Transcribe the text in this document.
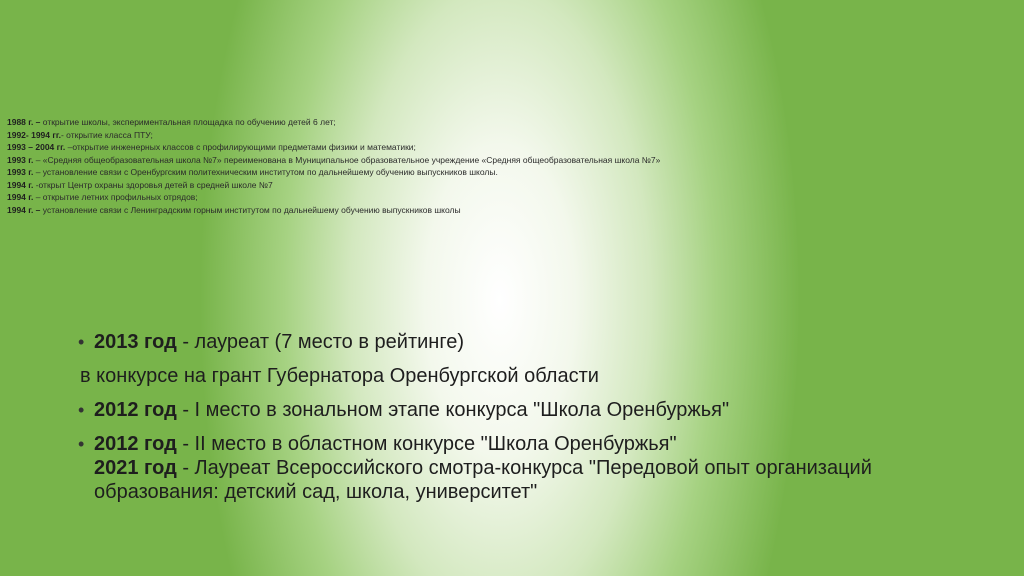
1988 г. – открытие школы, экспериментальная площадка по обучению детей 6 лет;
1992- 1994 гг.- открытие класса ПТУ;
1993 – 2004 гг. –открытие инженерных классов с профилирующими предметами физики и математики;
1993 г. – «Средняя общеобразовательная школа №7» переименована в Муниципальное образовательное учреждение «Средняя общеобразовательная школа №7»
1993 г. – установление связи с Оренбургским политехническим институтом по дальнейшему обучению выпускников школы.
1994 г. -открыт Центр охраны здоровья детей в средней школе №7
1994 г. – открытие летних профильных отрядов;
1994 г. – установление связи с Ленинградским горным институтом по дальнейшему обучению выпускников школы
• 2013 год - лауреат (7 место в рейтинге)
в конкурсе на грант Губернатора Оренбургской области
• 2012 год - I место в зональном этапе конкурса "Школа Оренбуржья"
• 2012 год - II место в областном конкурсе "Школа Оренбуржья"
2021 год - Лауреат Всероссийского смотра-конкурса "Передовой опыт организаций образования: детский сад, школа, университет"
